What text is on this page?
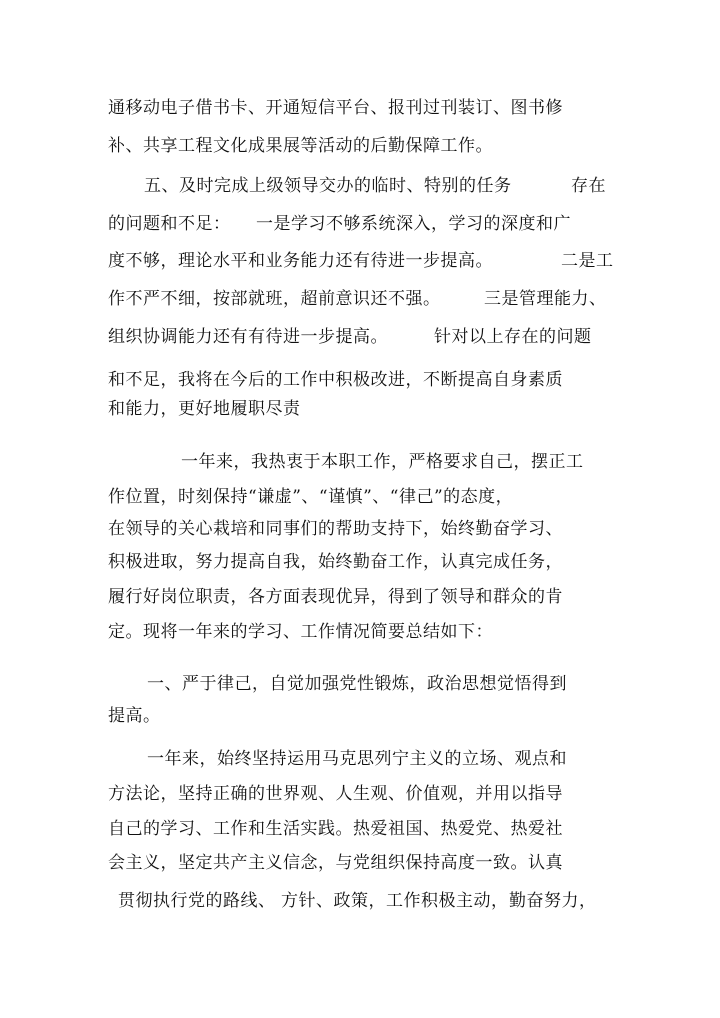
通移动电子借书卡、开通短信平台、报刊过刊装订、图书修
补、共享工程文化成果展等活动的后勤保障工作。
五、及时完成上级领导交办的临时、特别的任务	存在
的问题和不足： 一是学习不够系统深入，学习的深度和广
度不够，理论水平和业务能力还有待进一步提高。	二是工
作不严不细，按部就班，超前意识还不强。	三是管理能力、
组织协调能力还有有待进一步提高。	针对以上存在的问题
和不足，我将在今后的工作中积极改进，不断提高自身素质
和能力，更好地履职尽责
一年来，我热衷于本职工作，严格要求自己，摆正工
作位置，时刻保持“谦虚”、“谨慎”、“律己”的态度，
在领导的关心栽培和同事们的帮助支持下，始终勤奋学习、
积极进取，努力提高自我，始终勤奋工作，认真完成任务，
履行好岗位职责，各方面表现优异，得到了领导和群众的肯
定。现将一年来的学习、工作情况简要总结如下：
一、严于律己，自觉加强党性锻炼，政治思想觉悟得到
提高。
一年来，始终坚持运用马克思列宁主义的立场、观点和
方法论，坚持正确的世界观、人生观、价值观，并用以指导
自己的学习、工作和生活实践。热爱祖国、热爱党、热爱社
会主义，坚定共产主义信念，与党组织保持高度一致。认真
贯彻执行党的路线、 方针、政策，工作积极主动， 勤奋努力，
